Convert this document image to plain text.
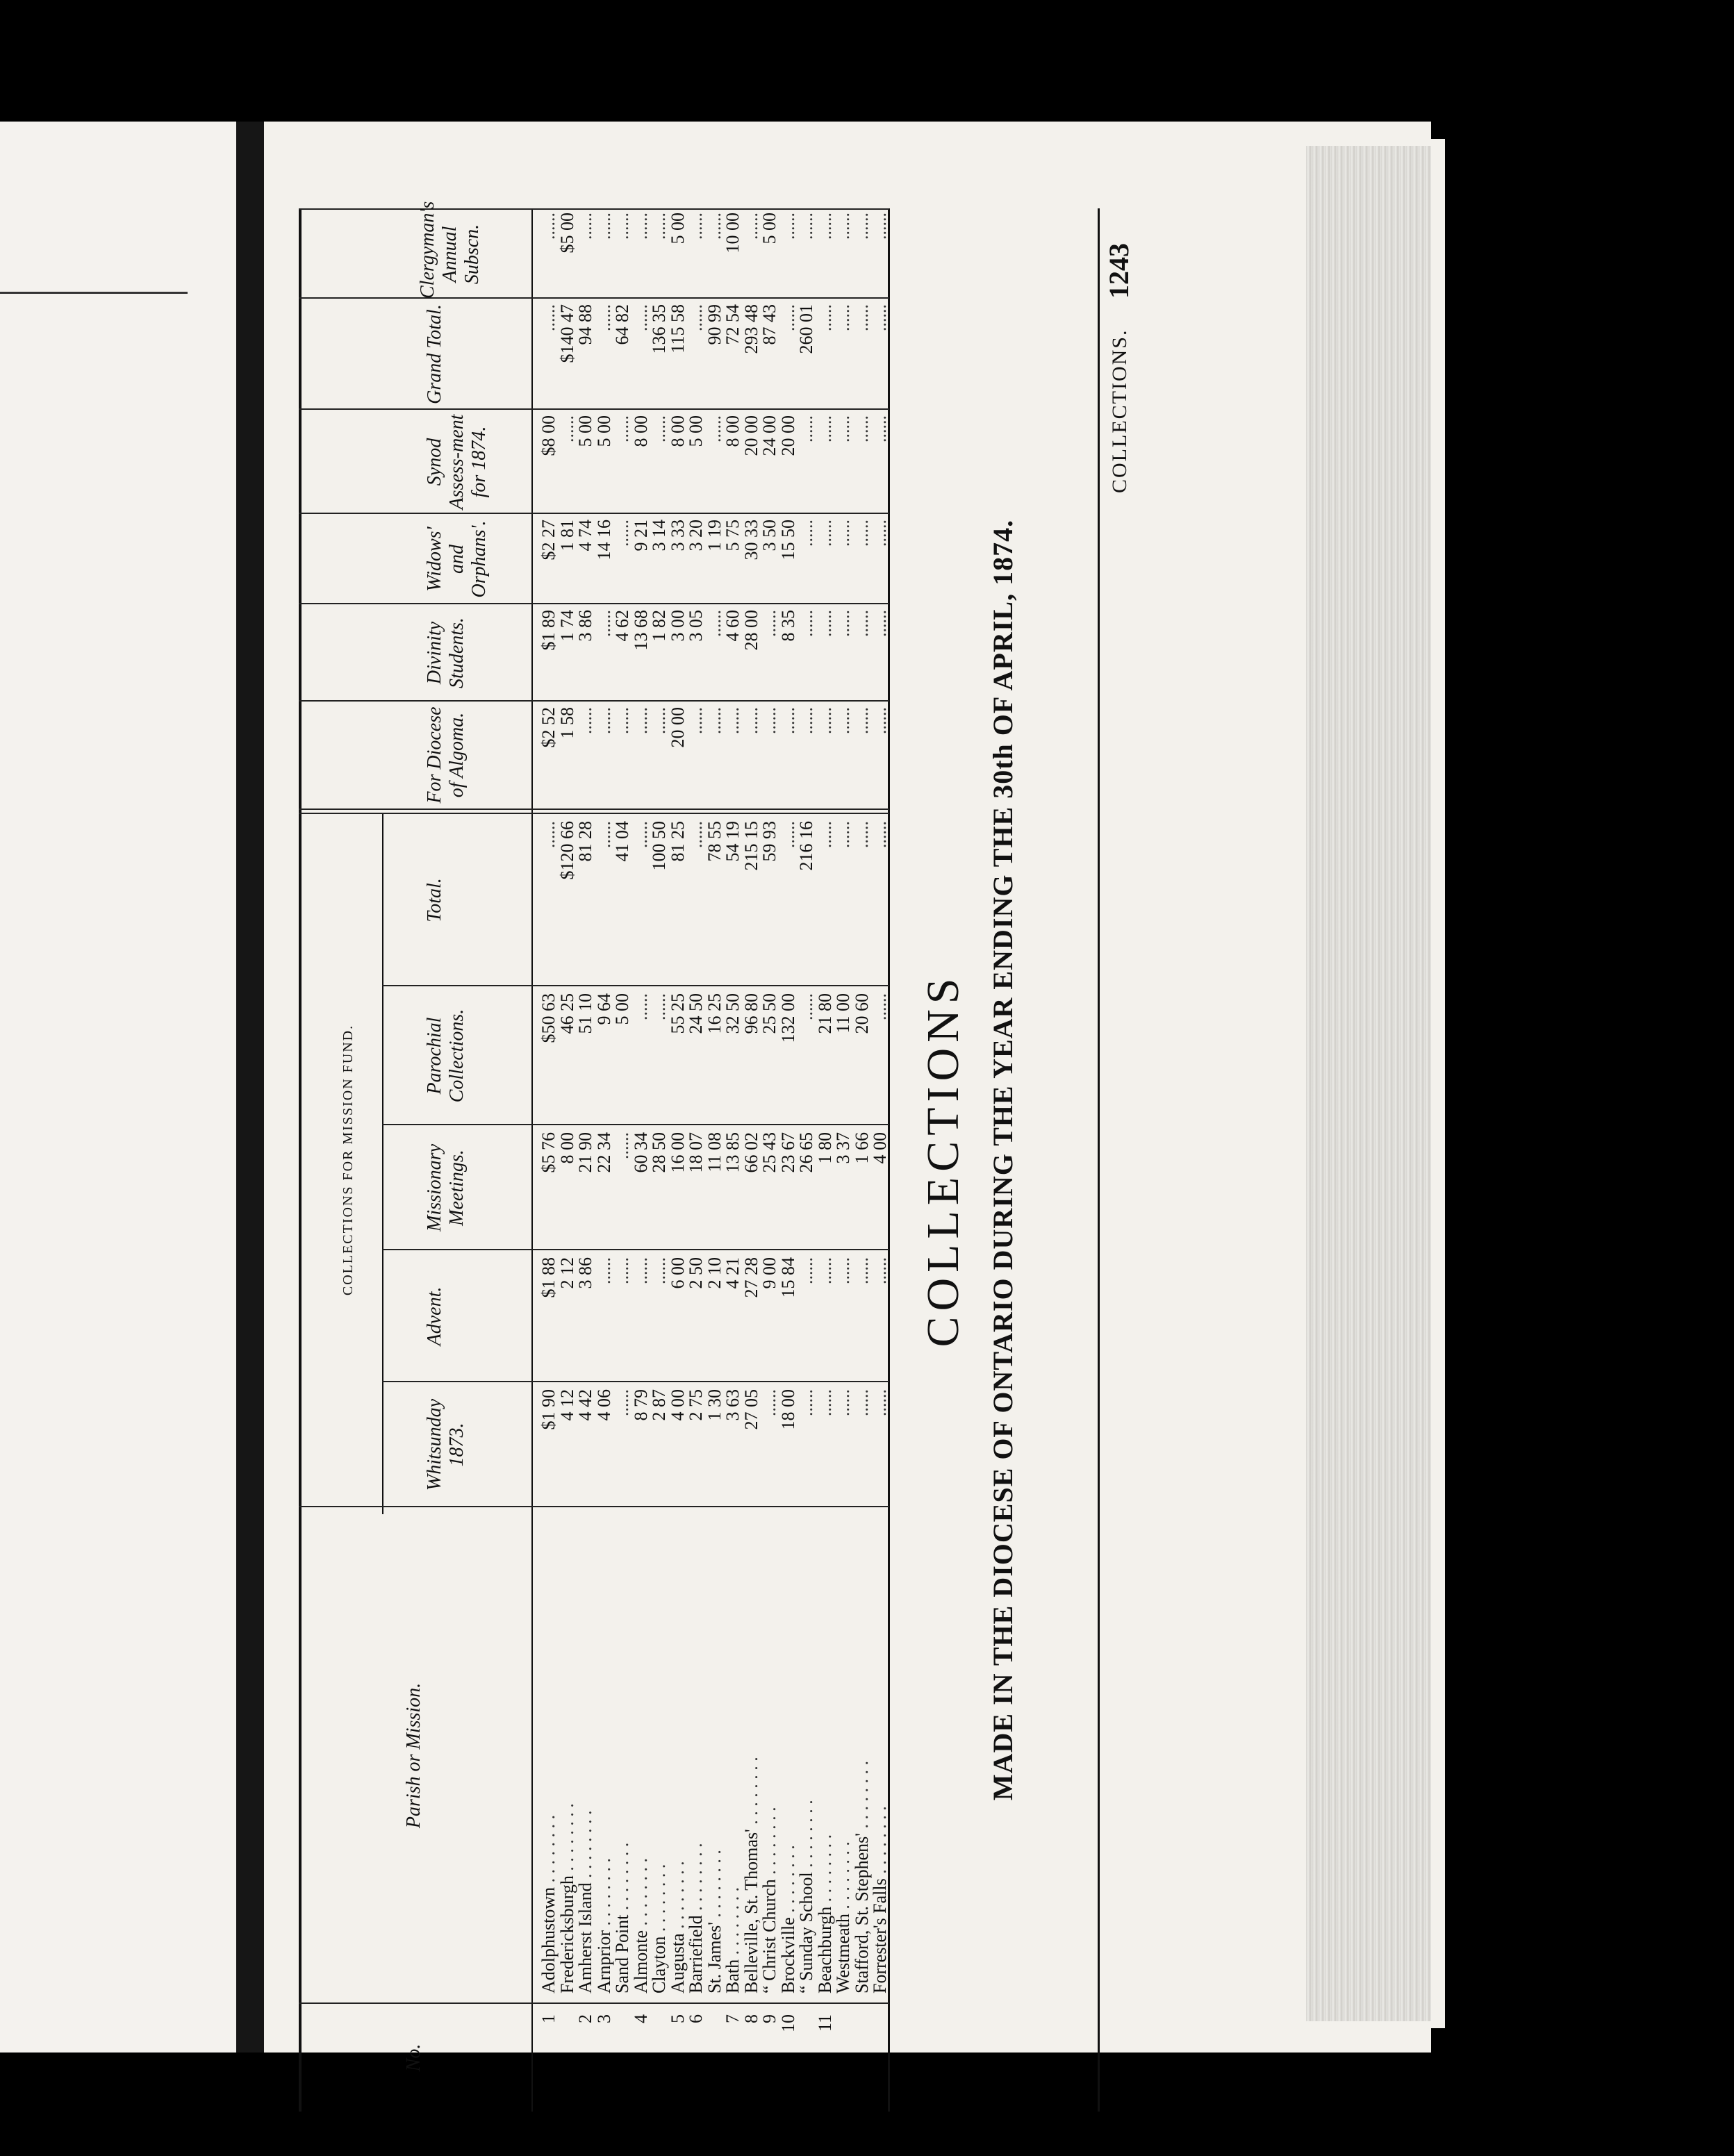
COLLECTIONS.
1243
COLLECTIONS MADE IN THE DIOCESE OF ONTARIO DURING THE YEAR ENDING THE 30th OF APRIL, 1874.
No.
Parish or Mission.
COLLECTIONS FOR MISSION FUND.
Whitsunday 1873.
Advent.
Missionary Meetings.
Parochial Collections.
Total.
For Diocese of Algoma.
Divinity Students.
Widows' and Orphans'.
Synod Assess-ment for 1874.
Grand Total.
Clergyman's Annual Subscn.
1
Adolphustown . . . . . . . .
$1 90
$1 88
$5 76
$50 63
......
$2 52
$1 89
$2 27
$8 00
......
......
Fredericksburgh . . . . . . . .
4 12
2 12
8 00
46 25
$120 66
1 58
1 74
1 81
......
$140 47
$5 00
2
Amherst Island . . . . . . . .
4 42
3 86
21 90
51 10
81 28
......
3 86
4 74
5 00
94 88
......
3
Arnprior . . . . . . . .
4 06
......
22 34
9 64
......
......
......
14 16
5 00
......
......
Sand Point . . . . . . . .
......
......
......
5 00
41 04
......
4 62
......
......
64 82
......
4
Almonte . . . . . . . .
8 79
......
60 34
......
......
......
13 68
9 21
8 00
......
......
Clayton . . . . . . . .
2 87
......
28 50
......
100 50
......
1 82
3 14
......
136 35
......
5
Augusta . . . . . . . .
4 00
6 00
16 00
55 25
81 25
20 00
3 00
3 33
8 00
115 58
5 00
6
Barriefield . . . . . . . .
2 75
2 50
18 07
24 50
......
......
3 05
3 20
5 00
......
......
St. James' . . . . . . . .
1 30
2 10
11 08
16 25
78 55
......
......
1 19
......
90 99
......
7
Bath . . . . . . . .
3 63
4 21
13 85
32 50
54 19
......
4 60
5 75
8 00
72 54
10 00
8
Belleville, St. Thomas' . . . . . . . .
27 05
27 28
66 02
96 80
215 15
......
28 00
30 33
20 00
293 48
......
9
“ Christ Church . . . . . . . .
......
9 00
25 43
25 50
59 93
......
......
3 50
24 00
87 43
5 00
10
Brockville . . . . . . . .
18 00
15 84
23 67
132 00
......
......
8 35
15 50
20 00
......
......
“ Sunday School . . . . . . . .
......
......
26 65
......
216 16
......
......
......
......
260 01
......
11
Beachburgh . . . . . . . .
......
......
1 80
21 80
......
......
......
......
......
......
......
Westmeath . . . . . . . .
......
......
3 37
11 00
......
......
......
......
......
......
......
Stafford, St. Stephens' . . . . . . . .
......
......
1 66
20 60
......
......
......
......
......
......
......
Forrester's Falls . . . . . . . .
......
......
4 00
......
......
......
......
......
......
......
......
